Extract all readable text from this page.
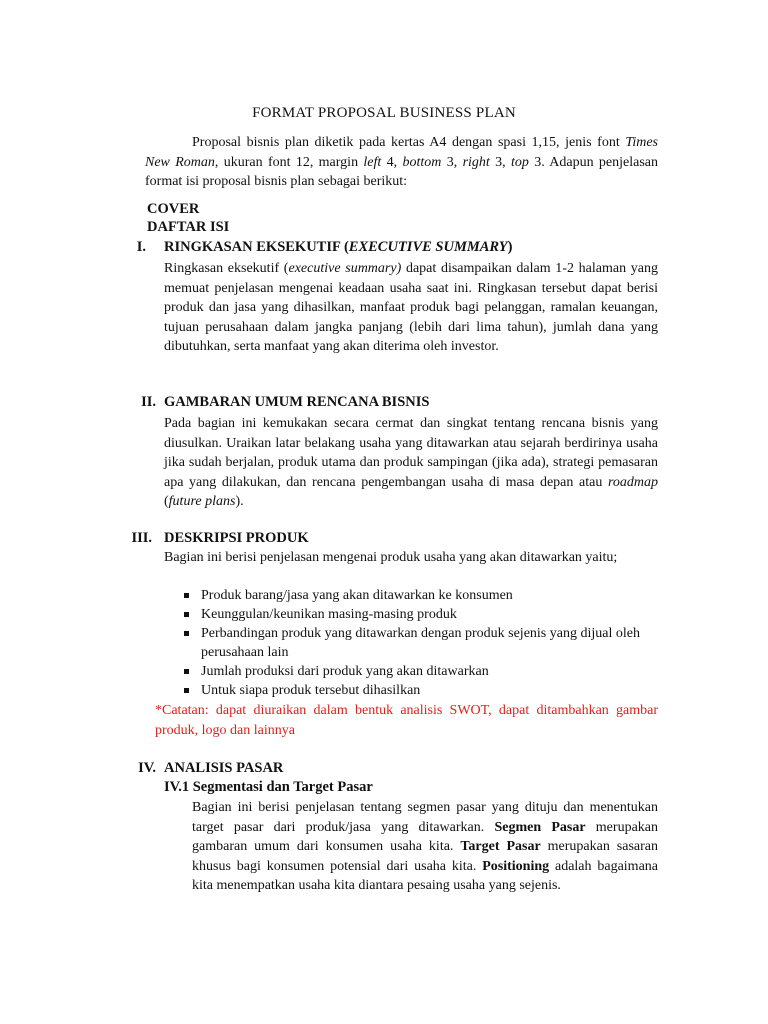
FORMAT PROPOSAL BUSINESS PLAN
Proposal bisnis plan diketik pada kertas A4 dengan spasi 1,15, jenis font Times New Roman, ukuran font 12, margin left 4, bottom 3, right 3, top 3. Adapun penjelasan format isi proposal bisnis plan sebagai berikut:
COVER
DAFTAR ISI
I. RINGKASAN EKSEKUTIF (EXECUTIVE SUMMARY)
Ringkasan eksekutif (executive summary) dapat disampaikan dalam 1-2 halaman yang memuat penjelasan mengenai keadaan usaha saat ini. Ringkasan tersebut dapat berisi produk dan jasa yang dihasilkan, manfaat produk bagi pelanggan, ramalan keuangan, tujuan perusahaan dalam jangka panjang (lebih dari lima tahun), jumlah dana yang dibutuhkan, serta manfaat yang akan diterima oleh investor.
II. GAMBARAN UMUM RENCANA BISNIS
Pada bagian ini kemukakan secara cermat dan singkat tentang rencana bisnis yang diusulkan. Uraikan latar belakang usaha yang ditawarkan atau sejarah berdirinya usaha jika sudah berjalan, produk utama dan produk sampingan (jika ada), strategi pemasaran apa yang dilakukan, dan rencana pengembangan usaha di masa depan atau roadmap (future plans).
III. DESKRIPSI PRODUK
Bagian ini berisi penjelasan mengenai produk usaha yang akan ditawarkan yaitu;
Produk barang/jasa yang akan ditawarkan ke konsumen
Keunggulan/keunikan masing-masing produk
Perbandingan produk yang ditawarkan dengan produk sejenis yang dijual oleh perusahaan lain
Jumlah produksi dari produk yang akan ditawarkan
Untuk siapa produk tersebut dihasilkan
*Catatan: dapat diuraikan dalam bentuk analisis SWOT, dapat ditambahkan gambar produk, logo dan lainnya
IV. ANALISIS PASAR
IV.1 Segmentasi dan Target Pasar
Bagian ini berisi penjelasan tentang segmen pasar yang dituju dan menentukan target pasar dari produk/jasa yang ditawarkan. Segmen Pasar merupakan gambaran umum dari konsumen usaha kita. Target Pasar merupakan sasaran khusus bagi konsumen potensial dari usaha kita. Positioning adalah bagaimana kita menempatkan usaha kita diantara pesaing usaha yang sejenis.
